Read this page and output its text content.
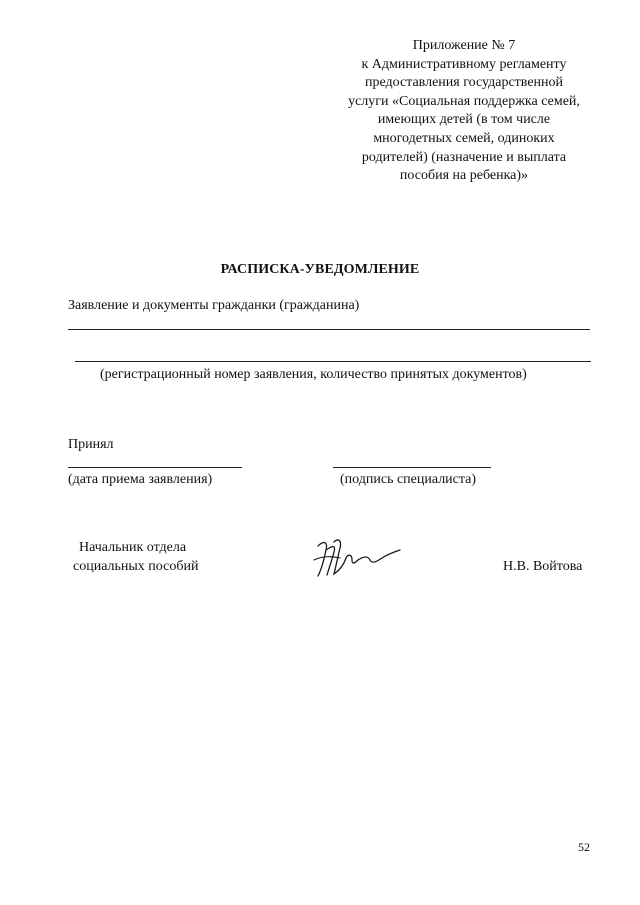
Приложение № 7
к Административному регламенту
предоставления государственной
услуги «Социальная поддержка семей,
имеющих детей (в том числе
многодетных семей, одиноких
родителей) (назначение и выплата
пособия на ребенка)»
РАСПИСКА-УВЕДОМЛЕНИЕ
Заявление и документы гражданки (гражданина)
(регистрационный номер заявления, количество принятых документов)
Принял
(дата приема заявления)	(подпись специалиста)
Начальник отдела
социальных пособий	Н.В. Войтова
52
